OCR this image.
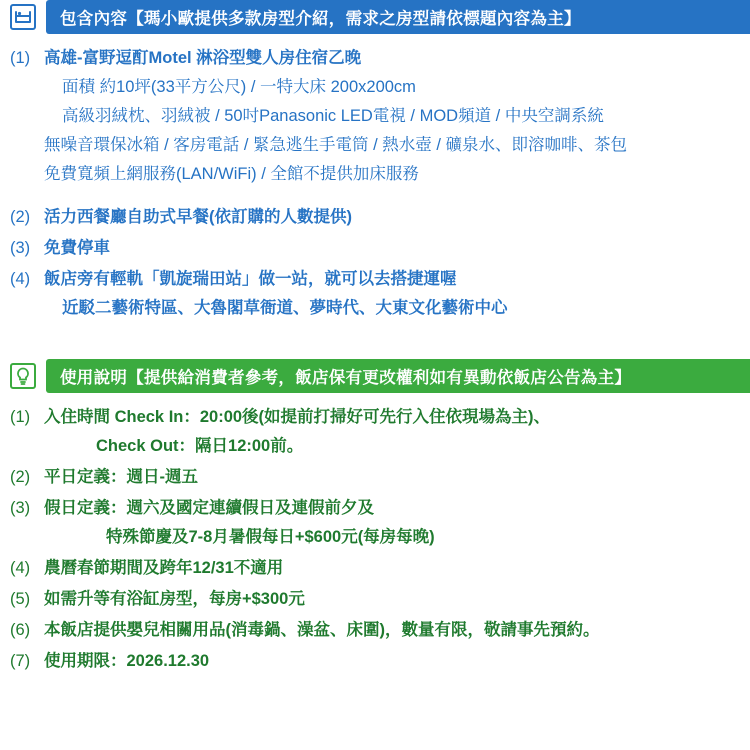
包含內容【瑪小歐提供多款房型介紹，需求之房型請依標題內容為主】
(1) 高雄-富野逗酊Motel 淋浴型雙人房住宿乙晚
面積 約10坪(33平方公尺) / 一特大床 200x200cm
高級羽絨枕、羽絨被 / 50吋Panasonic LED電視 / MOD頻道 / 中央空調系統
無噪音環保冰箱 / 客房電話 / 緊急逃生手電筒 / 熱水壺 / 礦泉水、即溶咖啡、茶包
免費寬頻上網服務(LAN/WiFi) / 全館不提供加床服務
(2) 活力西餐廳自助式早餐(依訂購的人數提供)
(3) 免費停車
(4) 飯店旁有輕軌「凱旋瑞田站」做一站，就可以去搭捷運喔
近駁二藝術特區、大魯閣草衙道、夢時代、大東文化藝術中心
使用說明【提供給消費者參考，飯店保有更改權利如有異動依飯店公告為主】
(1) 入住時間 Check In：20:00後(如提前打掃好可先行入住依現場為主)、
Check Out：隔日12:00前。
(2) 平日定義：週日-週五
(3) 假日定義：週六及國定連續假日及連假前夕及
特殊節慶及7-8月暑假每日+$600元(每房每晚)
(4) 農曆春節期間及跨年12/31不適用
(5) 如需升等有浴缸房型，每房+$300元
(6) 本飯店提供嬰兒相關用品(消毒鍋、澡盆、床圍)，數量有限，敬請事先預約。
(7) 使用期限：2026.12.30
